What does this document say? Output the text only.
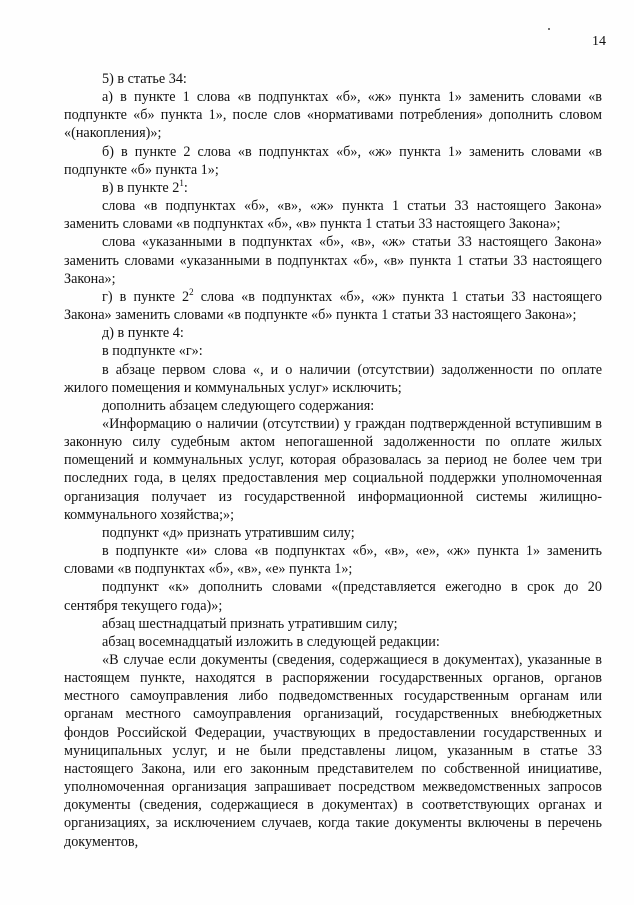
14

5) в статье 34:

а) в пункте 1 слова «в подпунктах «б», «ж» пункта 1» заменить словами «в подпункте «б» пункта 1», после слов «нормативами потребления» дополнить словом «(накопления)»;

б) в пункте 2 слова «в подпунктах «б», «ж» пункта 1» заменить словами «в подпункте «б» пункта 1»;

в) в пункте $2^1$:

слова «в подпунктах «б», «в», «ж» пункта 1 статьи 33 настоящего Закона» заменить словами «в подпунктах «б», «в» пункта 1 статьи 33 настоящего Закона»;

слова «указанными в подпунктах «б», «в», «ж» статьи 33 настоящего Закона» заменить словами «указанными в подпунктах «б», «в» пункта 1 статьи 33 настоящего Закона»;

г) в пункте $2^2$ слова «в подпунктах «б», «ж» пункта 1 статьи 33 настоящего Закона» заменить словами «в подпункте «б» пункта 1 статьи 33 настоящего Закона»;

д) в пункте 4:

в подпункте «г»:

в абзаце первом слова «, и о наличии (отсутствии) задолженности по оплате жилого помещения и коммунальных услуг» исключить;

дополнить абзацем следующего содержания:

«Информацию о наличии (отсутствии) у граждан подтвержденной вступившим в законную силу судебным актом непогашенной задолженности по оплате жилых помещений и коммунальных услуг, которая образовалась за период не более чем три последних года, в целях предоставления мер социальной поддержки уполномоченная организация получает из государственной информационной системы жилищно-коммунального хозяйства;»;

подпункт «д» признать утратившим силу;

в подпункте «и» слова «в подпунктах «б», «в», «е», «ж» пункта 1» заменить словами «в подпунктах «б», «в», «е» пункта 1»;

подпункт «к» дополнить словами «(представляется ежегодно в срок до 20 сентября текущего года)»;

абзац шестнадцатый признать утратившим силу;

абзац восемнадцатый изложить в следующей редакции:

«В случае если документы (сведения, содержащиеся в документах), указанные в настоящем пункте, находятся в распоряжении государственных органов, органов местного самоуправления либо подведомственных государственным органам или органам местного самоуправления организаций, государственных внебюджетных фондов Российской Федерации, участвующих в предоставлении государственных и муниципальных услуг, и не были представлены лицом, указанным в статье 33 настоящего Закона, или его законным представителем по собственной инициативе, уполномоченная организация запрашивает посредством межведомственных запросов документы (сведения, содержащиеся в документах) в соответствующих органах и организациях, за исключением случаев, когда такие документы включены в перечень документов,
